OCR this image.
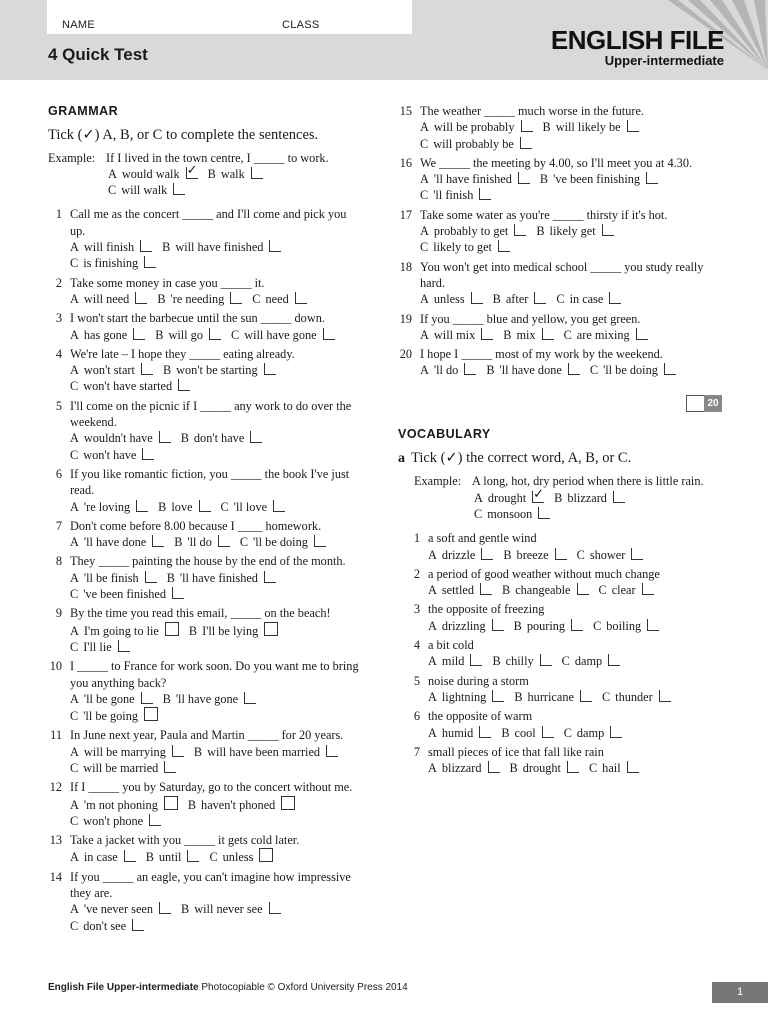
NAME	CLASS
4 Quick Test	ENGLISH FILE
Upper-intermediate
GRAMMAR
Tick (✓) A, B, or C to complete the sentences.
Example: If I lived in the town centre, I _____ to work.
A would walk ✓ B walk
C will walk
1 Call me as the concert _____ and I'll come and pick you up.
A will finish B will have finished
C is finishing
2 Take some money in case you _____ it.
A will need B 're needing C need
3 I won't start the barbecue until the sun _____ down.
A has gone B will go C will have gone
4 We're late – I hope they _____ eating already.
A won't start B won't be starting
C won't have started
5 I'll come on the picnic if I _____ any work to do over the weekend.
A wouldn't have B don't have
C won't have
6 If you like romantic fiction, you _____ the book I've just read.
A 're loving B love C 'll love
7 Don't come before 8.00 because I ____ homework.
A 'll have done B 'll do C 'll be doing
8 They _____ painting the house by the end of the month.
A 'll be finish B 'll have finished
C 've been finished
9 By the time you read this email, _____ on the beach!
A I'm going to lie B I'll be lying
C I'll lie
10 I _____ to France for work soon. Do you want me to bring you anything back?
A 'll be gone B 'll have gone
C 'll be going
11 In June next year, Paula and Martin _____ for 20 years.
A will be marrying B will have been married
C will be married
12 If I _____ you by Saturday, go to the concert without me.
A 'm not phoning B haven't phoned
C won't phone
13 Take a jacket with you _____ it gets cold later.
A in case B until C unless
14 If you _____ an eagle, you can't imagine how impressive they are.
A 've never seen B will never see
C don't see
15 The weather _____ much worse in the future.
A will be probably B will likely be
C will probably be
16 We _____ the meeting by 4.00, so I'll meet you at 4.30.
A 'll have finished B 've been finishing
C 'll finish
17 Take some water as you're _____ thirsty if it's hot.
A probably to get B likely get
C likely to get
18 You won't get into medical school _____ you study really hard.
A unless B after C in case
19 If you _____ blue and yellow, you get green.
A will mix B mix C are mixing
20 I hope I _____ most of my work by the weekend.
A 'll do B 'll have done C 'll be doing
VOCABULARY
a Tick (✓) the correct word, A, B, or C.
Example: A long, hot, dry period when there is little rain.
A drought ✓ B blizzard
C monsoon
1 a soft and gentle wind
A drizzle B breeze C shower
2 a period of good weather without much change
A settled B changeable C clear
3 the opposite of freezing
A drizzling B pouring C boiling
4 a bit cold
A mild B chilly C damp
5 noise during a storm
A lightning B hurricane C thunder
6 the opposite of warm
A humid B cool C damp
7 small pieces of ice that fall like rain
A blizzard B drought C hail
20
English File Upper-intermediate Photocopiable © Oxford University Press 2014	1
